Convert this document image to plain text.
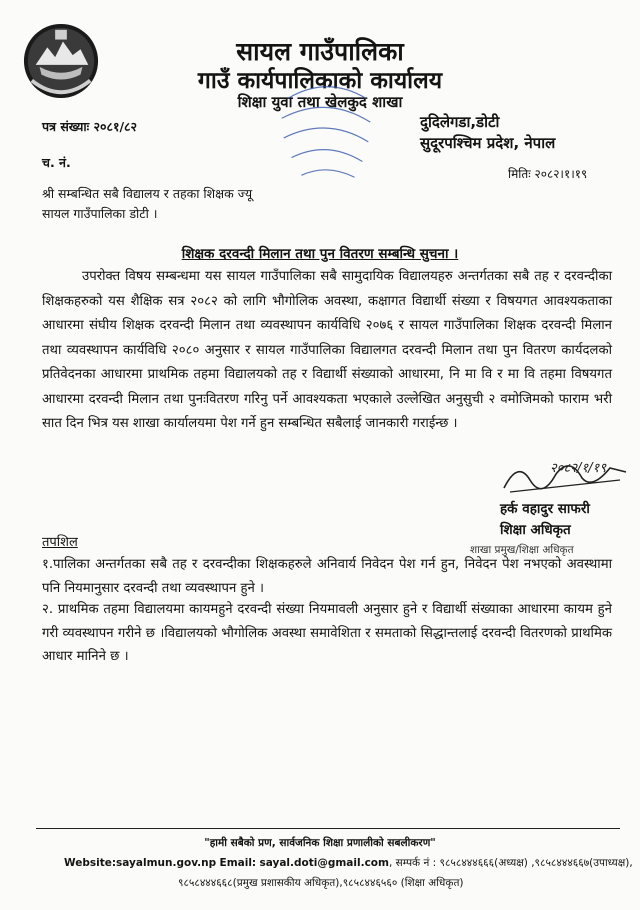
सायल गाउँपालिका
गाउँ कार्यपालिकाको कार्यालय
शिक्षा युवा तथा खेलकुद शाखा
पत्र संख्याः २०८१/८२
च. नं.
दुदिलेगडा,डोटी
सुदूरपश्चिम प्रदेश, नेपाल
मितिः २०८२।१।१९
श्री सम्बन्धित सबै विद्यालय र तहका शिक्षक ज्यू
सायल गाउँपालिका डोटी ।
शिक्षक दरवन्दी मिलान तथा पुन वितरण सम्बन्धि सुचना ।
उपरोक्त विषय सम्बन्धमा यस सायल गाउँपालिका सबै सामुदायिक विद्यालयहरु अन्तर्गतका सबै तह र दरवन्दीका शिक्षकहरुको यस शैक्षिक सत्र २०८२ को लागि भौगोलिक अवस्था, कक्षागत विद्यार्थी संख्या र विषयगत आवश्यकताका आधारमा संघीय शिक्षक दरवन्दी मिलान तथा व्यवस्थापन कार्यविधि २०७६ र सायल गाउँपालिका शिक्षक दरवन्दी मिलान तथा व्यवस्थापन कार्यविधि २०८० अनुसार र सायल गाउँपालिका विद्यालगत दरवन्दी मिलान तथा पुन वितरण कार्यदलको प्रतिवेदनका आधारमा प्राथमिक तहमा विद्यालयको तह र विद्यार्थी संख्याको आधारमा, नि मा वि र मा वि तहमा विषयगत आधारमा दरवन्दी मिलान तथा पुनःवितरण गरिनु पर्ने आवश्यकता भएकाले उल्लेखित अनुसुची २ वमोजिमको फाराम भरी सात दिन भित्र यस शाखा कार्यालयमा पेश गर्ने हुन सम्बन्धित सबैलाई जानकारी गराईन्छ ।
२०८२/१/१९
हर्क वहादुर साफरी
शिक्षा अधिकृत
शाखा प्रमुख/शिक्षा अधिकृत
तपशिल
१.पालिका अन्तर्गतका सबै तह र दरवन्दीका शिक्षकहरुले अनिवार्य निवेदन पेश गर्न हुन, निवेदन पेश नभएको अवस्थामा पनि नियमानुसार दरवन्दी तथा व्यवस्थापन हुने ।
२. प्राथमिक तहमा विद्यालयमा कायमहुने दरवन्दी संख्या नियमावली अनुसार हुने र विद्यार्थी संख्याका आधारमा कायम हुने गरी व्यवस्थापन गरीने छ ।विद्यालयको भौगोलिक अवस्था समावेशिता र समताको सिद्धान्तलाई दरवन्दी वितरणको प्राथमिक आधार मानिने छ ।
"हामी सबैको प्रण, सार्वजनिक शिक्षा प्रणालीको सबलीकरण"
Website:sayalmun.gov.np Email: sayal.doti@gmail.com, सम्पर्क नं : ९८५८४४४६६६(अध्यक्ष) ,९८५८४४४६६७(उपाध्यक्ष),
९८५८४४४६६८(प्रमुख प्रशासकीय अधिकृत),९८५८४४६५६० (शिक्षा अधिकृत)
